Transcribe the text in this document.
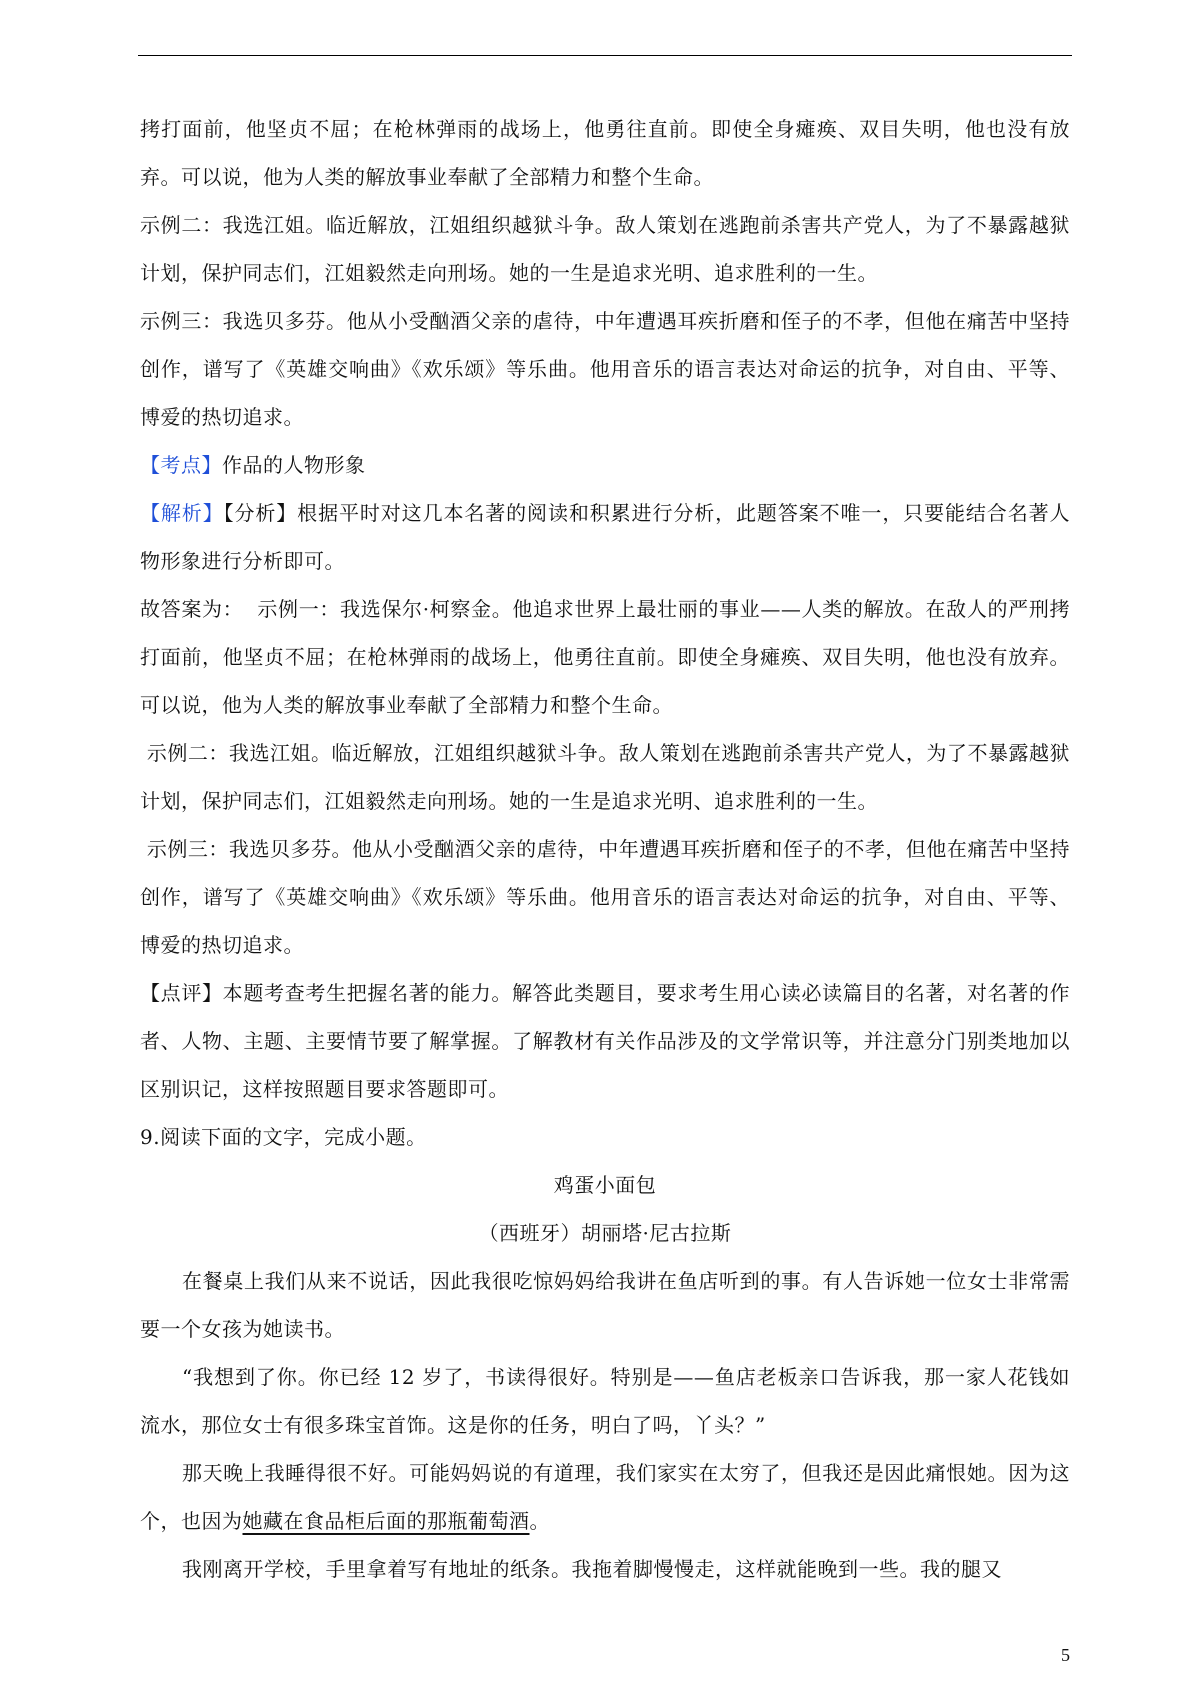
拷打面前，他坚贞不屈；在枪林弹雨的战场上，他勇往直前。即使全身瘫痪、双目失明，他也没有放弃。可以说，他为人类的解放事业奉献了全部精力和整个生命。

示例二：我选江姐。临近解放，江姐组织越狱斗争。敌人策划在逃跑前杀害共产党人，为了不暴露越狱计划，保护同志们，江姐毅然走向刑场。她的一生是追求光明、追求胜利的一生。

示例三：我选贝多芬。他从小受酗酒父亲的虐待，中年遭遇耳疾折磨和侄子的不孝，但他在痛苦中坚持创作，谱写了《英雄交响曲》《欢乐颂》等乐曲。他用音乐的语言表达对命运的抗争，对自由、平等、博爱的热切追求。

【考点】作品的人物形象

【解析】【分析】根据平时对这几本名著的阅读和积累进行分析，此题答案不唯一，只要能结合名著人物形象进行分析即可。

故答案为：  示例一：我选保尔·柯察金。他追求世界上最壮丽的事业——人类的解放。在敌人的严刑拷打面前，他坚贞不屈；在枪林弹雨的战场上，他勇往直前。即使全身瘫痪、双目失明，他也没有放弃。可以说，他为人类的解放事业奉献了全部精力和整个生命。

示例二：我选江姐。临近解放，江姐组织越狱斗争。敌人策划在逃跑前杀害共产党人，为了不暴露越狱计划，保护同志们，江姐毅然走向刑场。她的一生是追求光明、追求胜利的一生。

示例三：我选贝多芬。他从小受酗酒父亲的虐待，中年遭遇耳疾折磨和侄子的不孝，但他在痛苦中坚持创作，谱写了《英雄交响曲》《欢乐颂》等乐曲。他用音乐的语言表达对命运的抗争，对自由、平等、博爱的热切追求。

【点评】本题考查考生把握名著的能力。解答此类题目，要求考生用心读必读篇目的名著，对名著的作者、人物、主题、主要情节要了解掌握。了解教材有关作品涉及的文学常识等，并注意分门别类地加以区别识记，这样按照题目要求答题即可。

9.阅读下面的文字，完成小题。

鸡蛋小面包

（西班牙）胡丽塔·尼古拉斯

在餐桌上我们从来不说话，因此我很吃惊妈妈给我讲在鱼店听到的事。有人告诉她一位女士非常需要一个女孩为她读书。

“我想到了你。你已经 12 岁了，书读得很好。特别是——鱼店老板亲口告诉我，那一家人花钱如流水，那位女士有很多珠宝首饰。这是你的任务，明白了吗，丫头？”

那天晚上我睡得很不好。可能妈妈说的有道理，我们家实在太穷了，但我还是因此痛恨她。因为这个，也因为她藏在食品柜后面的那瓶葡萄酒。

我刚离开学校，手里拿着写有地址的纸条。我拖着脚慢慢走，这样就能晚到一些。我的腿又

5
